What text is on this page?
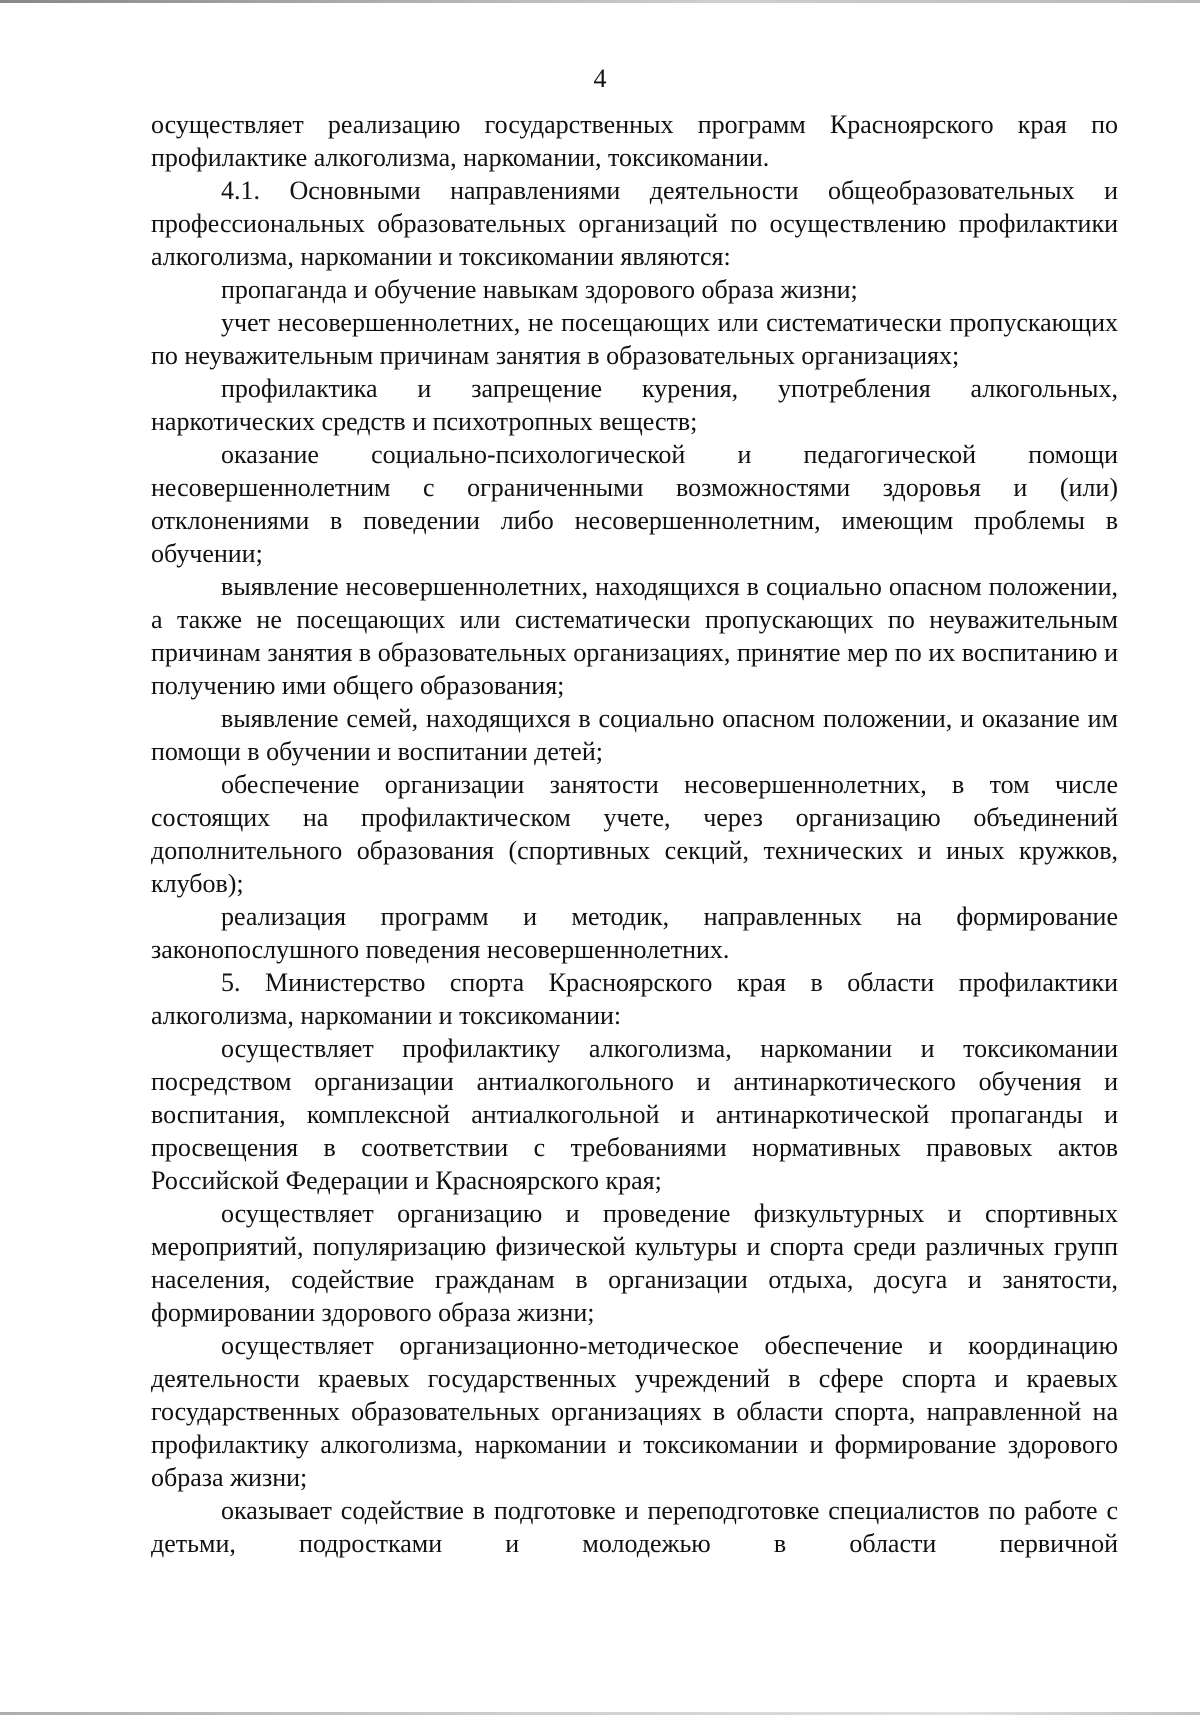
4

осуществляет реализацию государственных программ Красноярского края по профилактике алкоголизма, наркомании, токсикомании.

4.1. Основными направлениями деятельности общеобразовательных и профессиональных образовательных организаций по осуществлению профилактики алкоголизма, наркомании и токсикомании являются:

пропаганда и обучение навыкам здорового образа жизни;

учет несовершеннолетних, не посещающих или систематически пропускающих по неуважительным причинам занятия в образовательных организациях;

профилактика и запрещение курения, употребления алкогольных, наркотических средств и психотропных веществ;

оказание социально-психологической и педагогической помощи несовершеннолетним с ограниченными возможностями здоровья и (или) отклонениями в поведении либо несовершеннолетним, имеющим проблемы в обучении;

выявление несовершеннолетних, находящихся в социально опасном положении, а также не посещающих или систематически пропускающих по неуважительным причинам занятия в образовательных организациях, принятие мер по их воспитанию и получению ими общего образования;

выявление семей, находящихся в социально опасном положении, и оказание им помощи в обучении и воспитании детей;

обеспечение организации занятости несовершеннолетних, в том числе состоящих на профилактическом учете, через организацию объединений дополнительного образования (спортивных секций, технических и иных кружков, клубов);

реализация программ и методик, направленных на формирование законопослушного поведения несовершеннолетних.

5. Министерство спорта Красноярского края в области профилактики алкоголизма, наркомании и токсикомании:

осуществляет профилактику алкоголизма, наркомании и токсикомании посредством организации антиалкогольного и антинаркотического обучения и воспитания, комплексной антиалкогольной и антинаркотической пропаганды и просвещения в соответствии с требованиями нормативных правовых актов Российской Федерации и Красноярского края;

осуществляет организацию и проведение физкультурных и спортивных мероприятий, популяризацию физической культуры и спорта среди различных групп населения, содействие гражданам в организации отдыха, досуга и занятости, формировании здорового образа жизни;

осуществляет организационно-методическое обеспечение и координацию деятельности краевых государственных учреждений в сфере спорта и краевых государственных образовательных организациях в области спорта, направленной на профилактику алкоголизма, наркомании и токсикомании и формирование здорового образа жизни;

оказывает содействие в подготовке и переподготовке специалистов по работе с детьми, подростками и молодежью в области первичной
